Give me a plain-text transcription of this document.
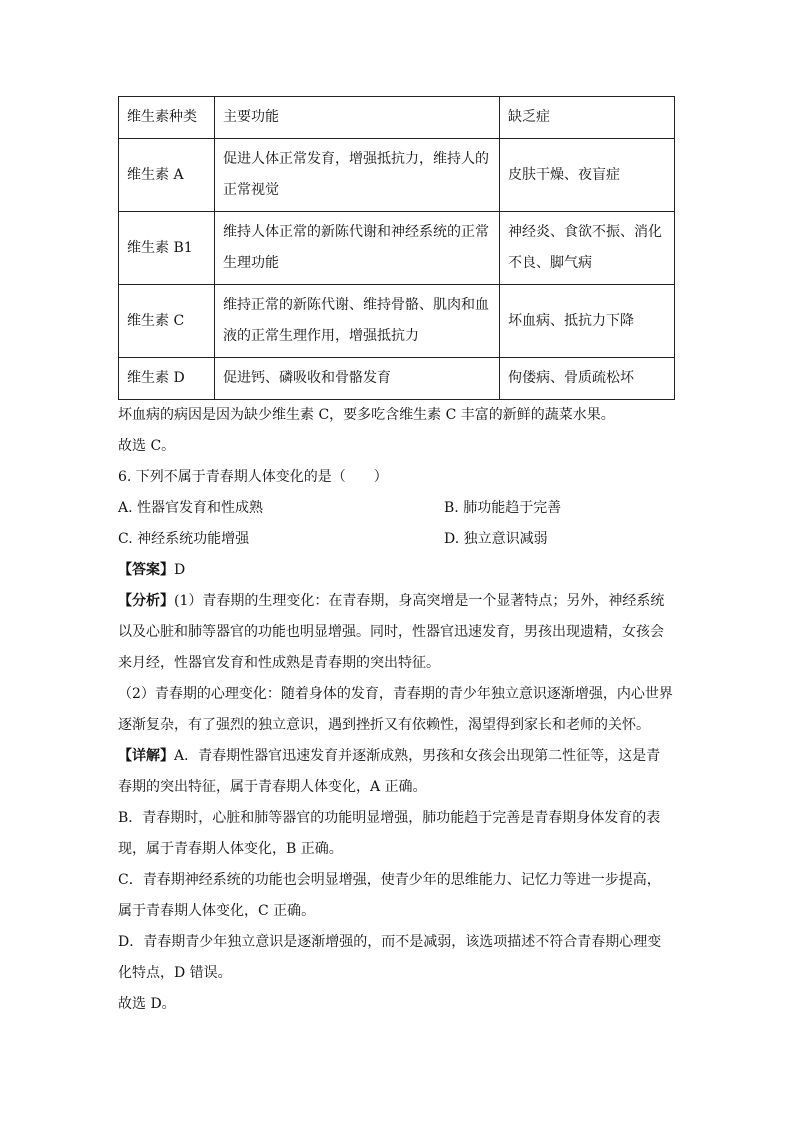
维生素种类	主要功能	缺乏症
维生素 A	促进人体正常发育，增强抵抗力，维持人的正常视觉	皮肤干燥、夜盲症
维生素 B1	维持人体正常的新陈代谢和神经系统的正常生理功能	神经炎、食欲不振、消化不良、脚气病
维生素 C	维持正常的新陈代谢、维持骨骼、肌肉和血液的正常生理作用，增强抵抗力	坏血病、抵抗力下降
维生素 D	促进钙、磷吸收和骨骼发育	佝偻病、骨质疏松坏

坏血病的病因是因为缺少维生素 C，要多吃含维生素 C 丰富的新鲜的蔬菜水果。

故选 C。

6. 下列不属于青春期人体变化的是（　　）

A. 性器官发育和性成熟	B. 肺功能趋于完善
C. 神经系统功能增强	D. 独立意识减弱

【答案】D

【分析】(1）青春期的生理变化：在青春期，身高突增是一个显著特点；另外，神经系统以及心脏和肺等器官的功能也明显增强。同时，性器官迅速发育，男孩出现遗精，女孩会来月经，性器官发育和性成熟是青春期的突出特征。

（2）青春期的心理变化：随着身体的发育，青春期的青少年独立意识逐渐增强，内心世界逐渐复杂，有了强烈的独立意识，遇到挫折又有依赖性，渴望得到家长和老师的关怀。

【详解】A．青春期性器官迅速发育并逐渐成熟，男孩和女孩会出现第二性征等，这是青春期的突出特征，属于青春期人体变化，A 正确。

B．青春期时，心脏和肺等器官的功能明显增强，肺功能趋于完善是青春期身体发育的表现，属于青春期人体变化，B 正确。

C．青春期神经系统的功能也会明显增强，使青少年的思维能力、记忆力等进一步提高，属于青春期人体变化，C 正确。

D．青春期青少年独立意识是逐渐增强的，而不是减弱，该选项描述不符合青春期心理变化特点，D 错误。

故选 D。
